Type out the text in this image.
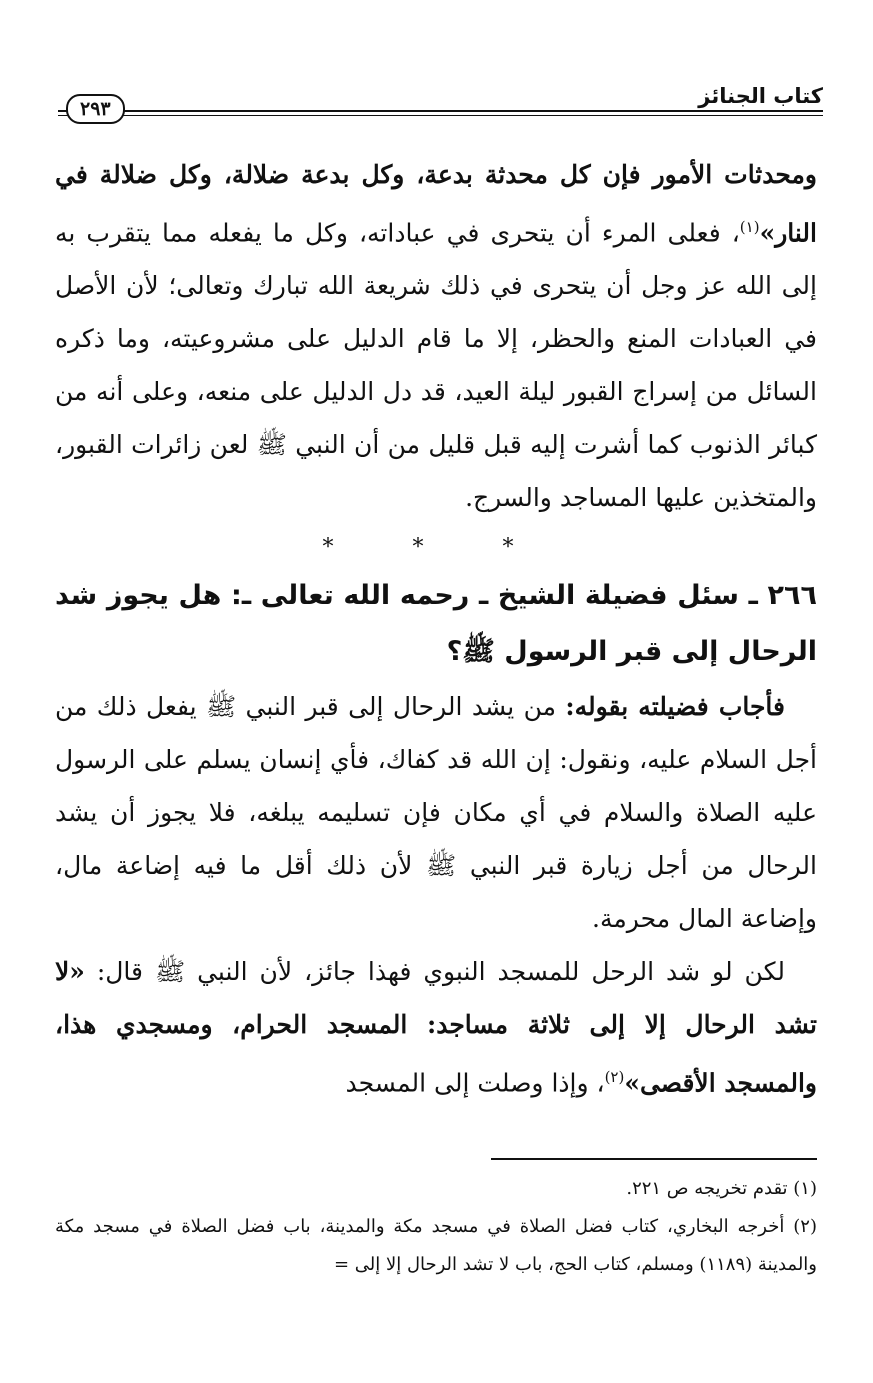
كتاب الجنائز
٢٩٣

ومحدثات الأمور فإن كل محدثة بدعة، وكل بدعة ضلالة، وكل ضلالة في النار»$^{(١)}$، فعلى المرء أن يتحرى في عباداته، وكل ما يفعله مما يتقرب به إلى الله عز وجل أن يتحرى في ذلك شريعة الله تبارك وتعالى؛ لأن الأصل في العبادات المنع والحظر، إلا ما قام الدليل على مشروعيته، وما ذكره السائل من إسراج القبور ليلة العيد، قد دل الدليل على منعه، وعلى أنه من كبائر الذنوب كما أشرت إليه قبل قليل من أن النبي ﷺ لعن زائرات القبور، والمتخذين عليها المساجد والسرج.

* * *

٢٦٦ ـ سئل فضيلة الشيخ ـ رحمه الله تعالى ـ: هل يجوز شد الرحال إلى قبر الرسول ﷺ؟

فأجاب فضيلته بقوله: من يشد الرحال إلى قبر النبي ﷺ يفعل ذلك من أجل السلام عليه، ونقول: إن الله قد كفاك، فأي إنسان يسلم على الرسول عليه الصلاة والسلام في أي مكان فإن تسليمه يبلغه، فلا يجوز أن يشد الرحال من أجل زيارة قبر النبي ﷺ لأن ذلك أقل ما فيه إضاعة مال، وإضاعة المال محرمة.

لكن لو شد الرحل للمسجد النبوي فهذا جائز، لأن النبي ﷺ قال: «لا تشد الرحال إلا إلى ثلاثة مساجد: المسجد الحرام، ومسجدي هذا، والمسجد الأقصى»$^{(٢)}$، وإذا وصلت إلى المسجد

(١) تقدم تخريجه ص ٢٢١.

(٢) أخرجه البخاري، كتاب فضل الصلاة في مسجد مكة والمدينة، باب فضل الصلاة في مسجد مكة والمدينة (١١٨٩) ومسلم، كتاب الحج، باب لا تشد الرحال إلا إلى =
